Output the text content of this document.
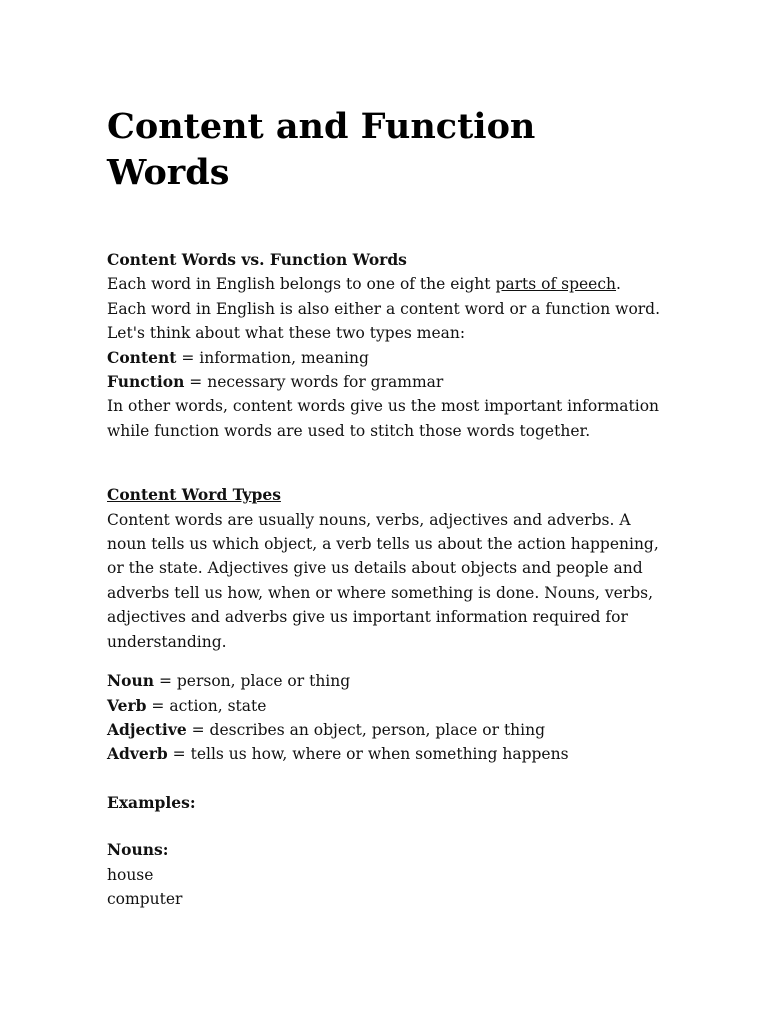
Content and Function Words

Content Words vs. Function Words

Each word in English belongs to one of the eight parts of speech.

Each word in English is also either a content word or a function word. Let's think about what these two types mean:

Content = information, meaning

Function = necessary words for grammar

In other words, content words give us the most important information while function words are used to stitch those words together.

Content Word Types

Content words are usually nouns, verbs, adjectives and adverbs. A noun tells us which object, a verb tells us about the action happening, or the state. Adjectives give us details about objects and people and adverbs tell us how, when or where something is done. Nouns, verbs, adjectives and adverbs give us important information required for understanding.

Noun = person, place or thing

Verb = action, state

Adjective = describes an object, person, place or thing

Adverb = tells us how, where or when something happens

Examples:

Nouns:

house

computer
